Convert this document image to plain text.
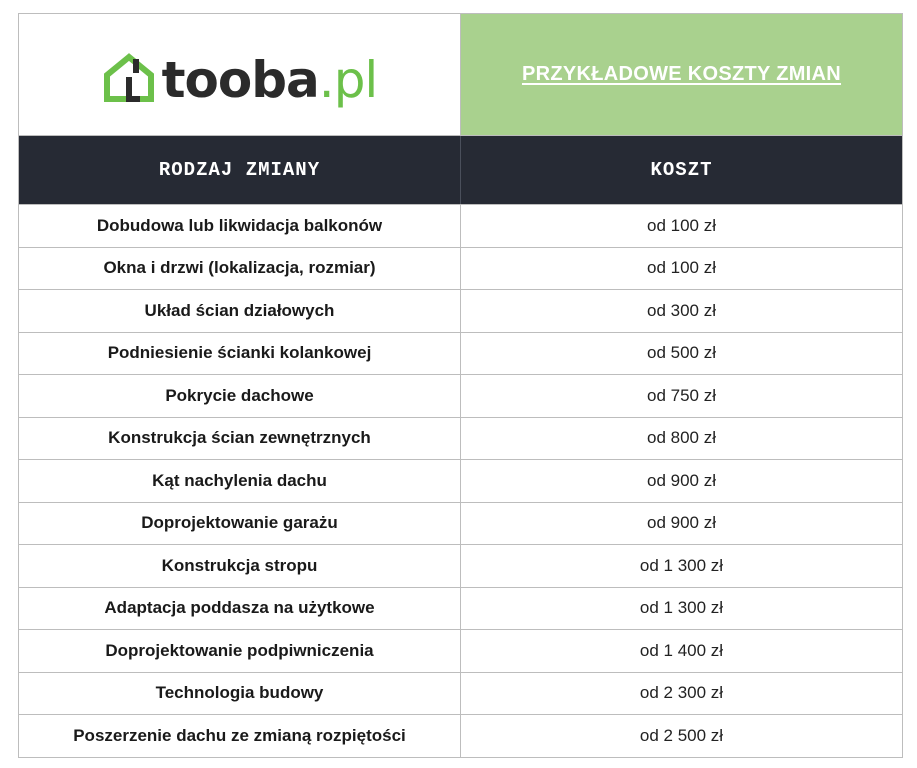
tooba.pl	PRZYKŁADOWE KOSZTY ZMIAN
RODZAJ ZMIANY	KOSZT
Dobudowa lub likwidacja balkonów	od 100 zł
Okna i drzwi (lokalizacja, rozmiar)	od 100 zł
Układ ścian działowych	od 300 zł
Podniesienie ścianki kolankowej	od 500 zł
Pokrycie dachowe	od 750 zł
Konstrukcja ścian zewnętrznych	od 800 zł
Kąt nachylenia dachu	od 900 zł
Doprojektowanie garażu	od 900 zł
Konstrukcja stropu	od 1 300 zł
Adaptacja poddasza na użytkowe	od 1 300 zł
Doprojektowanie podpiwniczenia	od 1 400 zł
Technologia budowy	od 2 300 zł
Poszerzenie dachu ze zmianą rozpiętości	od 2 500 zł
